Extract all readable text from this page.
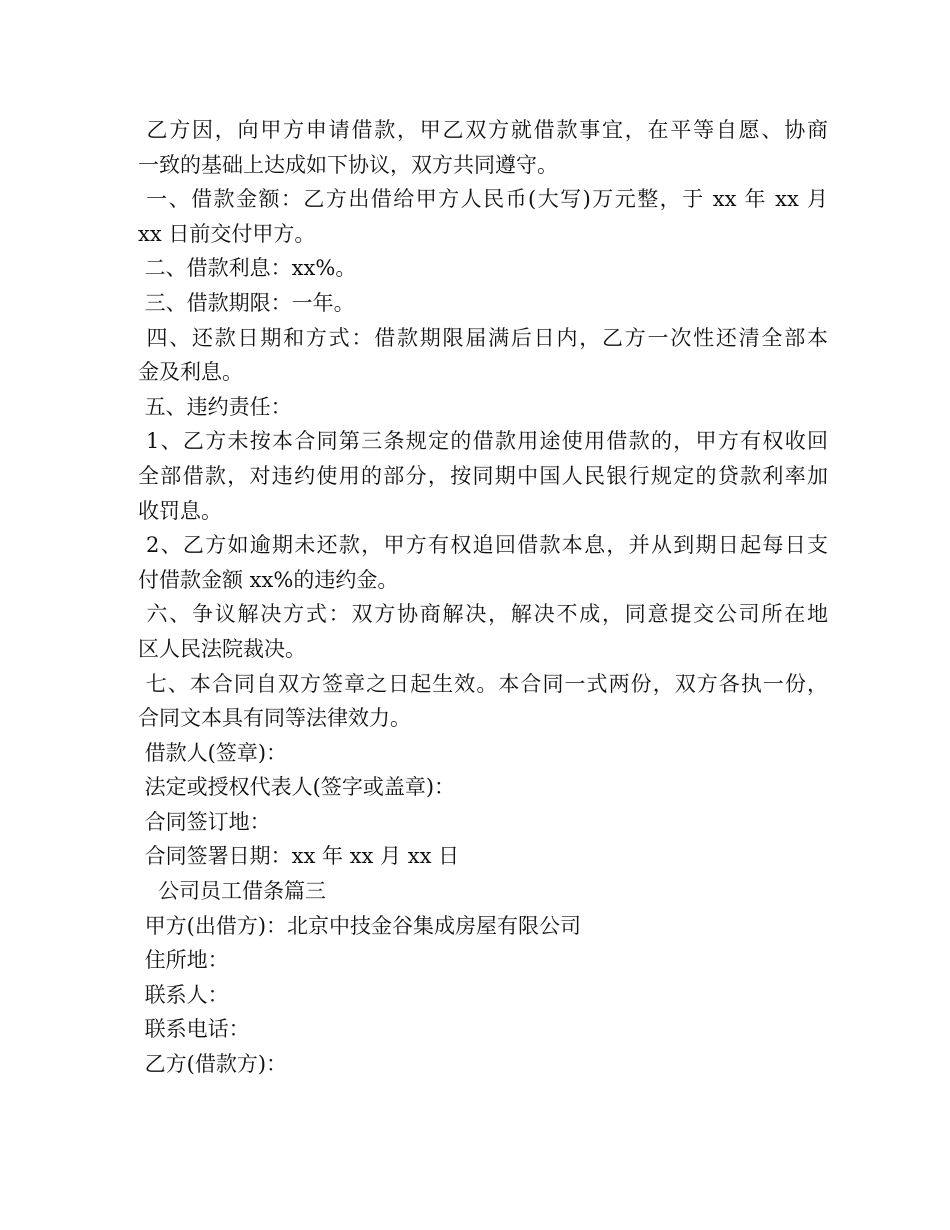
乙方因，向甲方申请借款，甲乙双方就借款事宜，在平等自愿、协商
一致的基础上达成如下协议，双方共同遵守。
一、借款金额：乙方出借给甲方人民币(大写)万元整，于 xx 年 xx 月
xx 日前交付甲方。
二、借款利息：xx%。
三、借款期限：一年。
四、还款日期和方式：借款期限届满后日内，乙方一次性还清全部本
金及利息。
五、违约责任：
1、乙方未按本合同第三条规定的借款用途使用借款的，甲方有权收回
全部借款，对违约使用的部分，按同期中国人民银行规定的贷款利率加
收罚息。
2、乙方如逾期未还款，甲方有权追回借款本息，并从到期日起每日支
付借款金额 xx%的违约金。
六、争议解决方式：双方协商解决，解决不成，同意提交公司所在地
区人民法院裁决。
七、本合同自双方签章之日起生效。本合同一式两份，双方各执一份，
合同文本具有同等法律效力。
借款人(签章)：
法定或授权代表人(签字或盖章)：
合同签订地：
合同签署日期：xx 年 xx 月 xx 日
公司员工借条篇三
甲方(出借方)：北京中技金谷集成房屋有限公司
住所地：
联系人：
联系电话：
乙方(借款方)：
